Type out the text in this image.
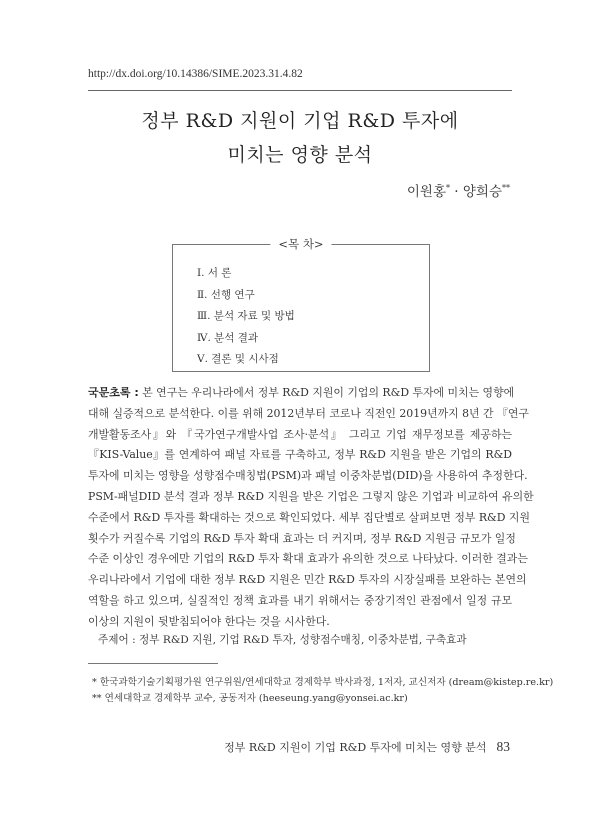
http://dx.doi.org/10.14386/SIME.2023.31.4.82
정부 R&D 지원이 기업 R&D 투자에
미치는 영향 분석
이원홍* · 양희승**
<목 차>
Ⅰ. 서 론
Ⅱ. 선행 연구
Ⅲ. 분석 자료 및 방법
Ⅳ. 분석 결과
Ⅴ. 결론 및 시사점
국문초록 : 본 연구는 우리나라에서 정부 R&D 지원이 기업의 R&D 투자에 미치는 영향에
대해 실증적으로 분석한다. 이를 위해 2012년부터 코로나 직전인 2019년까지 8년 간 『연구
개발활동조사』와 『국가연구개발사업 조사·분석』 그리고 기업 재무정보를 제공하는
『KIS-Value』를 연계하여 패널 자료를 구축하고, 정부 R&D 지원을 받은 기업의 R&D
투자에 미치는 영향을 성향점수매칭법(PSM)과 패널 이중차분법(DID)을 사용하여 추정한다.
PSM-패널DID 분석 결과 정부 R&D 지원을 받은 기업은 그렇지 않은 기업과 비교하여 유의한
수준에서 R&D 투자를 확대하는 것으로 확인되었다. 세부 집단별로 살펴보면 정부 R&D 지원
횟수가 커질수록 기업의 R&D 투자 확대 효과는 더 커지며, 정부 R&D 지원금 규모가 일정
수준 이상인 경우에만 기업의 R&D 투자 확대 효과가 유의한 것으로 나타났다. 이러한 결과는
우리나라에서 기업에 대한 정부 R&D 지원은 민간 R&D 투자의 시장실패를 보완하는 본연의
역할을 하고 있으며, 실질적인 정책 효과를 내기 위해서는 중장기적인 관점에서 일정 규모
이상의 지원이 뒷받침되어야 한다는 것을 시사한다.
주제어 : 정부 R&D 지원, 기업 R&D 투자, 성향점수매칭, 이중차분법, 구축효과
* 한국과학기술기획평가원 연구위원/연세대학교 경제학부 박사과정, 1저자, 교신저자 (dream@kistep.re.kr)
** 연세대학교 경제학부 교수, 공동저자 (heeseung.yang@yonsei.ac.kr)
정부 R&D 지원이 기업 R&D 투자에 미치는 영향 분석 83
